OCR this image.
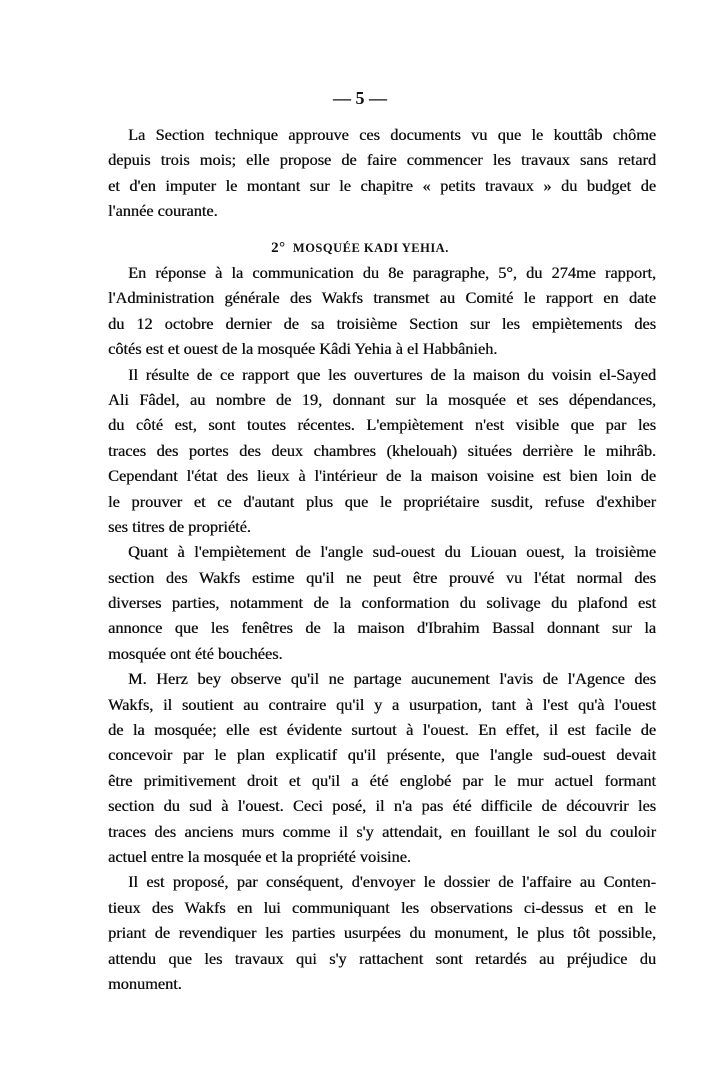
— 5 —
La Section technique approuve ces documents vu que le kouttâb chôme
depuis trois mois; elle propose de faire commencer les travaux sans retard
et d'en imputer le montant sur le chapitre « petits travaux » du budget de
l'année courante.
2° MOSQUÉE KADI YEHIA.
En réponse à la communication du 8e paragraphe, 5°, du 274me rapport,
l'Administration générale des Wakfs transmet au Comité le rapport en date
du 12 octobre dernier de sa troisième Section sur les empiètements des
côtés est et ouest de la mosquée Kâdi Yehia à el Habbânieh.
Il résulte de ce rapport que les ouvertures de la maison du voisin el-Sayed
Ali Fâdel, au nombre de 19, donnant sur la mosquée et ses dépendances,
du côté est, sont toutes récentes. L'empiètement n'est visible que par les
traces des portes des deux chambres (khelouah) situées derrière le mihrâb.
Cependant l'état des lieux à l'intérieur de la maison voisine est bien loin de
le prouver et ce d'autant plus que le propriétaire susdit, refuse d'exhiber
ses titres de propriété.
Quant à l'empiètement de l'angle sud-ouest du Liouan ouest, la troisième
section des Wakfs estime qu'il ne peut être prouvé vu l'état normal des
diverses parties, notamment de la conformation du solivage du plafond est
annonce que les fenêtres de la maison d'Ibrahim Bassal donnant sur la
mosquée ont été bouchées.
M. Herz bey observe qu'il ne partage aucunement l'avis de l'Agence des
Wakfs, il soutient au contraire qu'il y a usurpation, tant à l'est qu'à l'ouest
de la mosquée; elle est évidente surtout à l'ouest. En effet, il est facile de
concevoir par le plan explicatif qu'il présente, que l'angle sud-ouest devait
être primitivement droit et qu'il a été englobé par le mur actuel formant
section du sud à l'ouest. Ceci posé, il n'a pas été difficile de découvrir les
traces des anciens murs comme il s'y attendait, en fouillant le sol du couloir
actuel entre la mosquée et la propriété voisine.
Il est proposé, par conséquent, d'envoyer le dossier de l'affaire au Conten-
tieux des Wakfs en lui communiquant les observations ci-dessus et en le
priant de revendiquer les parties usurpées du monument, le plus tôt possible,
attendu que les travaux qui s'y rattachent sont retardés au préjudice du
monument.
